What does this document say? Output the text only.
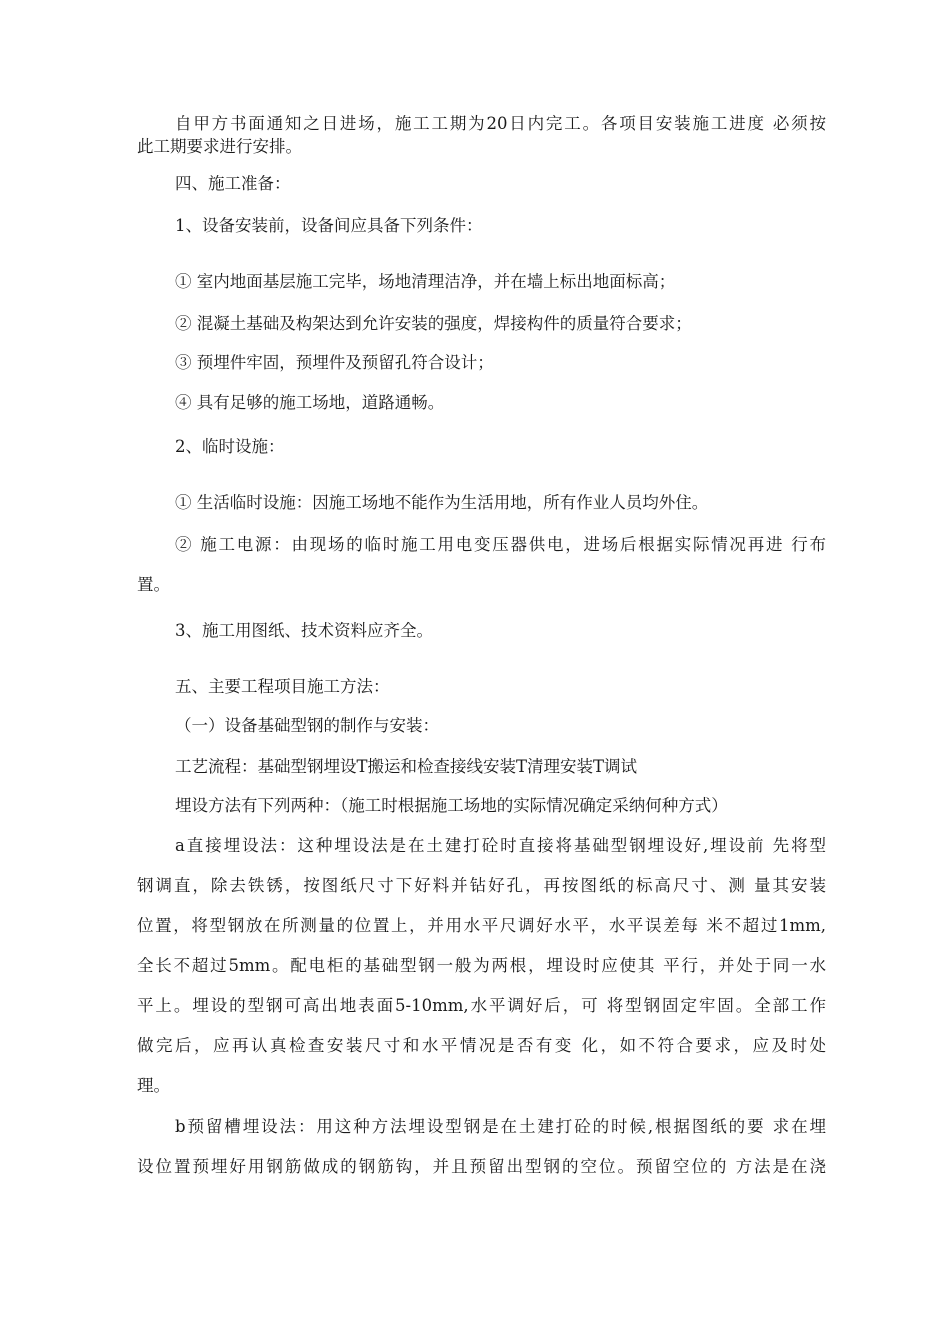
自甲方书面通知之日进场，施工工期为20日内完工。各项目安装施工进度 必须按

此工期要求进行安排。

四、施工准备：

1、设备安装前，设备间应具备下列条件：

① 室内地面基层施工完毕，场地清理洁净，并在墙上标出地面标高；

② 混凝土基础及构架达到允许安装的强度，焊接构件的质量符合要求；

③ 预埋件牢固，预埋件及预留孔符合设计；

④ 具有足够的施工场地，道路通畅。

2、临时设施：

① 生活临时设施：因施工场地不能作为生活用地，所有作业人员均外住。

② 施工电源：由现场的临时施工用电变压器供电，进场后根据实际情况再进 行布

置。

3、施工用图纸、技术资料应齐全。

五、主要工程项目施工方法：

（一）设备基础型钢的制作与安装：

工艺流程：基础型钢埋设T搬运和检查接线安装T清理安装T调试

埋设方法有下列两种：（施工时根据施工场地的实际情况确定采纳何种方式）

a直接埋设法：这种埋设法是在土建打砼时直接将基础型钢埋设好,埋设前 先将型

钢调直，除去铁锈，按图纸尺寸下好料并钻好孔，再按图纸的标高尺寸、测 量其安装

位置，将型钢放在所测量的位置上，并用水平尺调好水平，水平误差每 米不超过1mm,

全长不超过5mm。配电柜的基础型钢一般为两根，埋设时应使其 平行，并处于同一水

平上。埋设的型钢可高出地表面5-10mm,水平调好后，可 将型钢固定牢固。全部工作

做完后，应再认真检查安装尺寸和水平情况是否有变 化，如不符合要求，应及时处

理。

b预留槽埋设法：用这种方法埋设型钢是在土建打砼的时候,根据图纸的要 求在埋

设位置预埋好用钢筋做成的钢筋钩，并且预留出型钢的空位。预留空位的 方法是在浇
